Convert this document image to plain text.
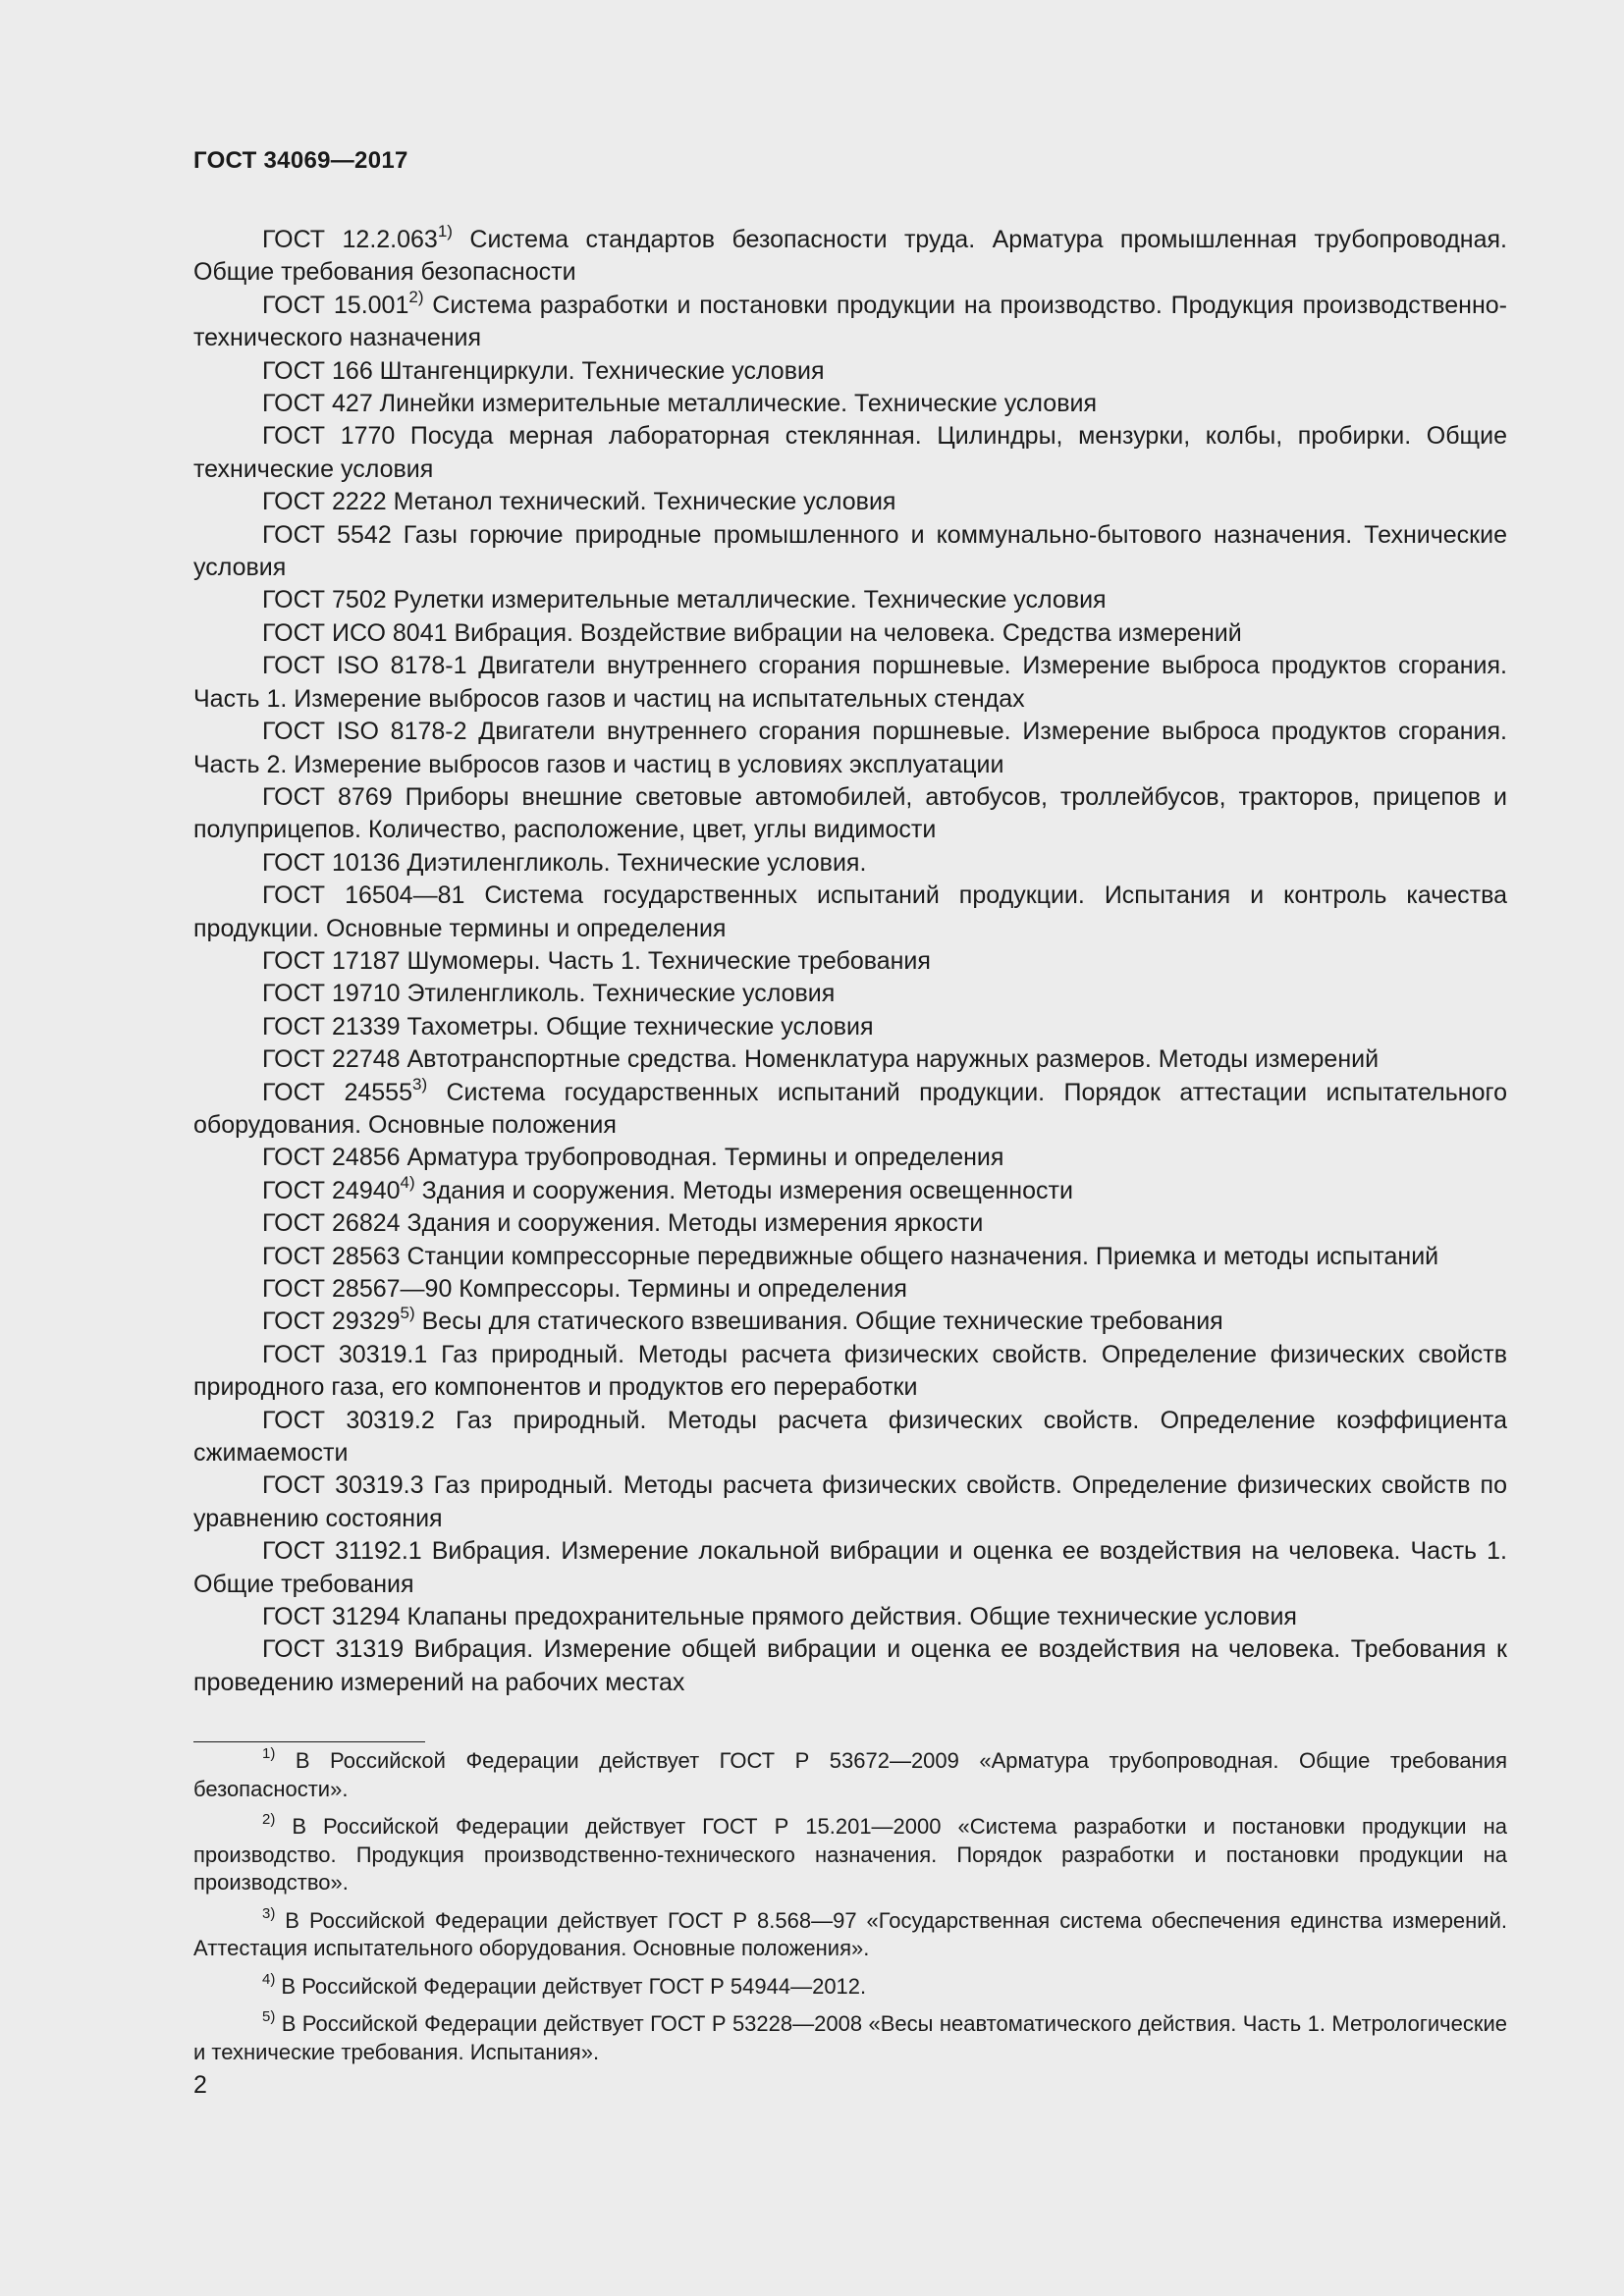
ГОСТ 34069—2017

ГОСТ 12.2.063$^{1)}$ Система стандартов безопасности труда. Арматура промышленная трубопроводная. Общие требования безопасности

ГОСТ 15.001$^{2)}$ Система разработки и постановки продукции на производство. Продукция производственно-технического назначения

ГОСТ 166 Штангенциркули. Технические условия

ГОСТ 427 Линейки измерительные металлические. Технические условия

ГОСТ 1770 Посуда мерная лабораторная стеклянная. Цилиндры, мензурки, колбы, пробирки. Общие технические условия

ГОСТ 2222 Метанол технический. Технические условия

ГОСТ 5542 Газы горючие природные промышленного и коммунально-бытового назначения. Технические условия

ГОСТ 7502 Рулетки измерительные металлические. Технические условия

ГОСТ ИСО 8041 Вибрация. Воздействие вибрации на человека. Средства измерений

ГОСТ ISO 8178-1 Двигатели внутреннего сгорания поршневые. Измерение выброса продуктов сгорания. Часть 1. Измерение выбросов газов и частиц на испытательных стендах

ГОСТ ISO 8178-2 Двигатели внутреннего сгорания поршневые. Измерение выброса продуктов сгорания. Часть 2. Измерение выбросов газов и частиц в условиях эксплуатации

ГОСТ 8769 Приборы внешние световые автомобилей, автобусов, троллейбусов, тракторов, прицепов и полуприцепов. Количество, расположение, цвет, углы видимости

ГОСТ 10136 Диэтиленгликоль. Технические условия.

ГОСТ 16504—81 Система государственных испытаний продукции. Испытания и контроль качества продукции. Основные термины и определения

ГОСТ 17187 Шумомеры. Часть 1. Технические требования

ГОСТ 19710 Этиленгликоль. Технические условия

ГОСТ 21339 Тахометры. Общие технические условия

ГОСТ 22748 Автотранспортные средства. Номенклатура наружных размеров. Методы измерений

ГОСТ 24555$^{3)}$ Система государственных испытаний продукции. Порядок аттестации испытательного оборудования. Основные положения

ГОСТ 24856 Арматура трубопроводная. Термины и определения

ГОСТ 24940$^{4)}$ Здания и сооружения. Методы измерения освещенности

ГОСТ 26824 Здания и сооружения. Методы измерения яркости

ГОСТ 28563 Станции компрессорные передвижные общего назначения. Приемка и методы испытаний

ГОСТ 28567—90 Компрессоры. Термины и определения

ГОСТ 29329$^{5)}$ Весы для статического взвешивания. Общие технические требования

ГОСТ 30319.1 Газ природный. Методы расчета физических свойств. Определение физических свойств природного газа, его компонентов и продуктов его переработки

ГОСТ 30319.2 Газ природный. Методы расчета физических свойств. Определение коэффициента сжимаемости

ГОСТ 30319.3 Газ природный. Методы расчета физических свойств. Определение физических свойств по уравнению состояния

ГОСТ 31192.1 Вибрация. Измерение локальной вибрации и оценка ее воздействия на человека. Часть 1. Общие требования

ГОСТ 31294 Клапаны предохранительные прямого действия. Общие технические условия

ГОСТ 31319 Вибрация. Измерение общей вибрации и оценка ее воздействия на человека. Требования к проведению измерений на рабочих местах

$^{1)}$ В Российской Федерации действует ГОСТ Р 53672—2009 «Арматура трубопроводная. Общие требования безопасности».

$^{2)}$ В Российской Федерации действует ГОСТ Р 15.201—2000 «Система разработки и постановки продукции на производство. Продукция производственно-технического назначения. Порядок разработки и постановки продукции на производство».

$^{3)}$ В Российской Федерации действует ГОСТ Р 8.568—97 «Государственная система обеспечения единства измерений. Аттестация испытательного оборудования. Основные положения».

$^{4)}$ В Российской Федерации действует ГОСТ Р 54944—2012.

$^{5)}$ В Российской Федерации действует ГОСТ Р 53228—2008 «Весы неавтоматического действия. Часть 1. Метрологические и технические требования. Испытания».

2
